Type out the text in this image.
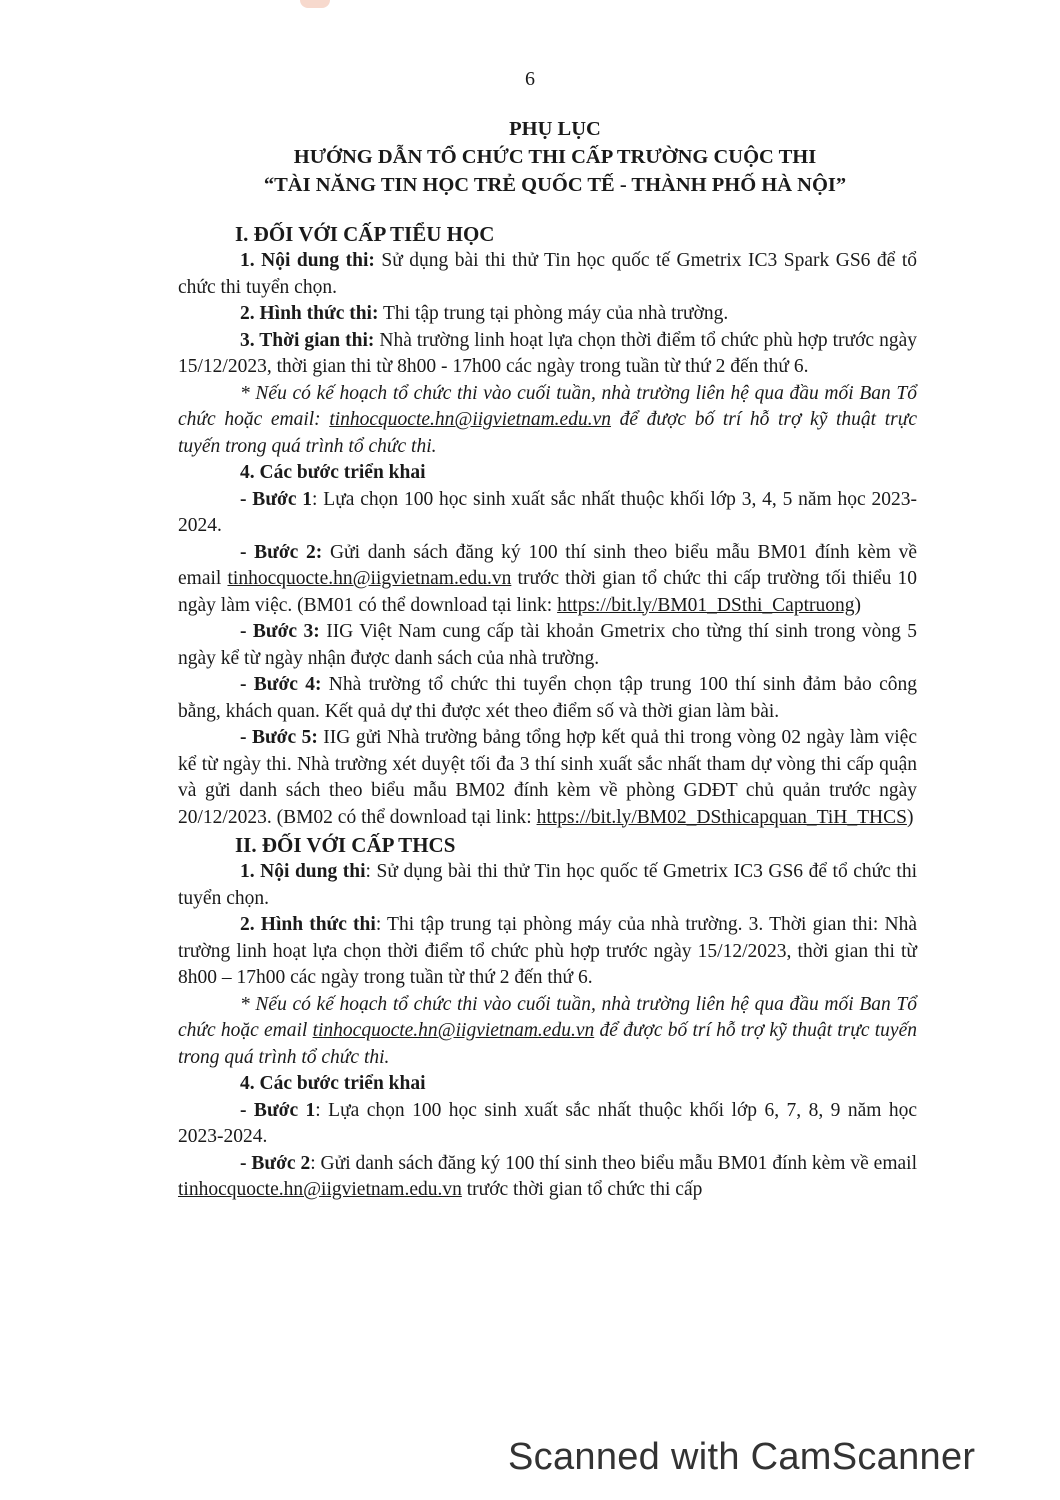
6
PHỤ LỤC
HƯỚNG DẪN TỔ CHỨC THI CẤP TRƯỜNG CUỘC THI
“TÀI NĂNG TIN HỌC TRẺ QUỐC TẾ - THÀNH PHỐ HÀ NỘI”

I. ĐỐI VỚI CẤP TIỂU HỌC

1. Nội dung thi: Sử dụng bài thi thử Tin học quốc tế Gmetrix IC3 Spark GS6 để tổ chức thi tuyển chọn.

2. Hình thức thi: Thi tập trung tại phòng máy của nhà trường.

3. Thời gian thi: Nhà trường linh hoạt lựa chọn thời điểm tổ chức phù hợp trước ngày 15/12/2023, thời gian thi từ 8h00 - 17h00 các ngày trong tuần từ thứ 2 đến thứ 6.

* Nếu có kế hoạch tổ chức thi vào cuối tuần, nhà trường liên hệ qua đầu mối Ban Tổ chức hoặc email: tinhocquocte.hn@iigvietnam.edu.vn để được bố trí hỗ trợ kỹ thuật trực tuyến trong quá trình tổ chức thi.

4. Các bước triển khai

- Bước 1: Lựa chọn 100 học sinh xuất sắc nhất thuộc khối lớp 3, 4, 5 năm học 2023-2024.

- Bước 2: Gửi danh sách đăng ký 100 thí sinh theo biểu mẫu BM01 đính kèm về email tinhocquocte.hn@iigvietnam.edu.vn trước thời gian tổ chức thi cấp trường tối thiểu 10 ngày làm việc. (BM01 có thể download tại link: https://bit.ly/BM01_DSthi_Captruong)

- Bước 3: IIG Việt Nam cung cấp tài khoản Gmetrix cho từng thí sinh trong vòng 5 ngày kể từ ngày nhận được danh sách của nhà trường.

- Bước 4: Nhà trường tổ chức thi tuyển chọn tập trung 100 thí sinh đảm bảo công bằng, khách quan. Kết quả dự thi được xét theo điểm số và thời gian làm bài.

- Bước 5: IIG gửi Nhà trường bảng tổng hợp kết quả thi trong vòng 02 ngày làm việc kể từ ngày thi. Nhà trường xét duyệt tối đa 3 thí sinh xuất sắc nhất tham dự vòng thi cấp quận và gửi danh sách theo biểu mẫu BM02 đính kèm về phòng GDĐT chủ quản trước ngày 20/12/2023. (BM02 có thể download tại link: https://bit.ly/BM02_DSthicapquan_TiH_THCS)

II. ĐỐI VỚI CẤP THCS

1. Nội dung thi: Sử dụng bài thi thử Tin học quốc tế Gmetrix IC3 GS6 để tổ chức thi tuyển chọn.

2. Hình thức thi: Thi tập trung tại phòng máy của nhà trường. 3. Thời gian thi: Nhà trường linh hoạt lựa chọn thời điểm tổ chức phù hợp trước ngày 15/12/2023, thời gian thi từ 8h00 – 17h00 các ngày trong tuần từ thứ 2 đến thứ 6.

* Nếu có kế hoạch tổ chức thi vào cuối tuần, nhà trường liên hệ qua đầu mối Ban Tổ chức hoặc email tinhocquocte.hn@iigvietnam.edu.vn để được bố trí hỗ trợ kỹ thuật trực tuyến trong quá trình tổ chức thi.

4. Các bước triển khai

- Bước 1: Lựa chọn 100 học sinh xuất sắc nhất thuộc khối lớp 6, 7, 8, 9 năm học 2023-2024.

- Bước 2: Gửi danh sách đăng ký 100 thí sinh theo biểu mẫu BM01 đính kèm về email tinhocquocte.hn@iigvietnam.edu.vn trước thời gian tổ chức thi cấp

Scanned with CamScanner
